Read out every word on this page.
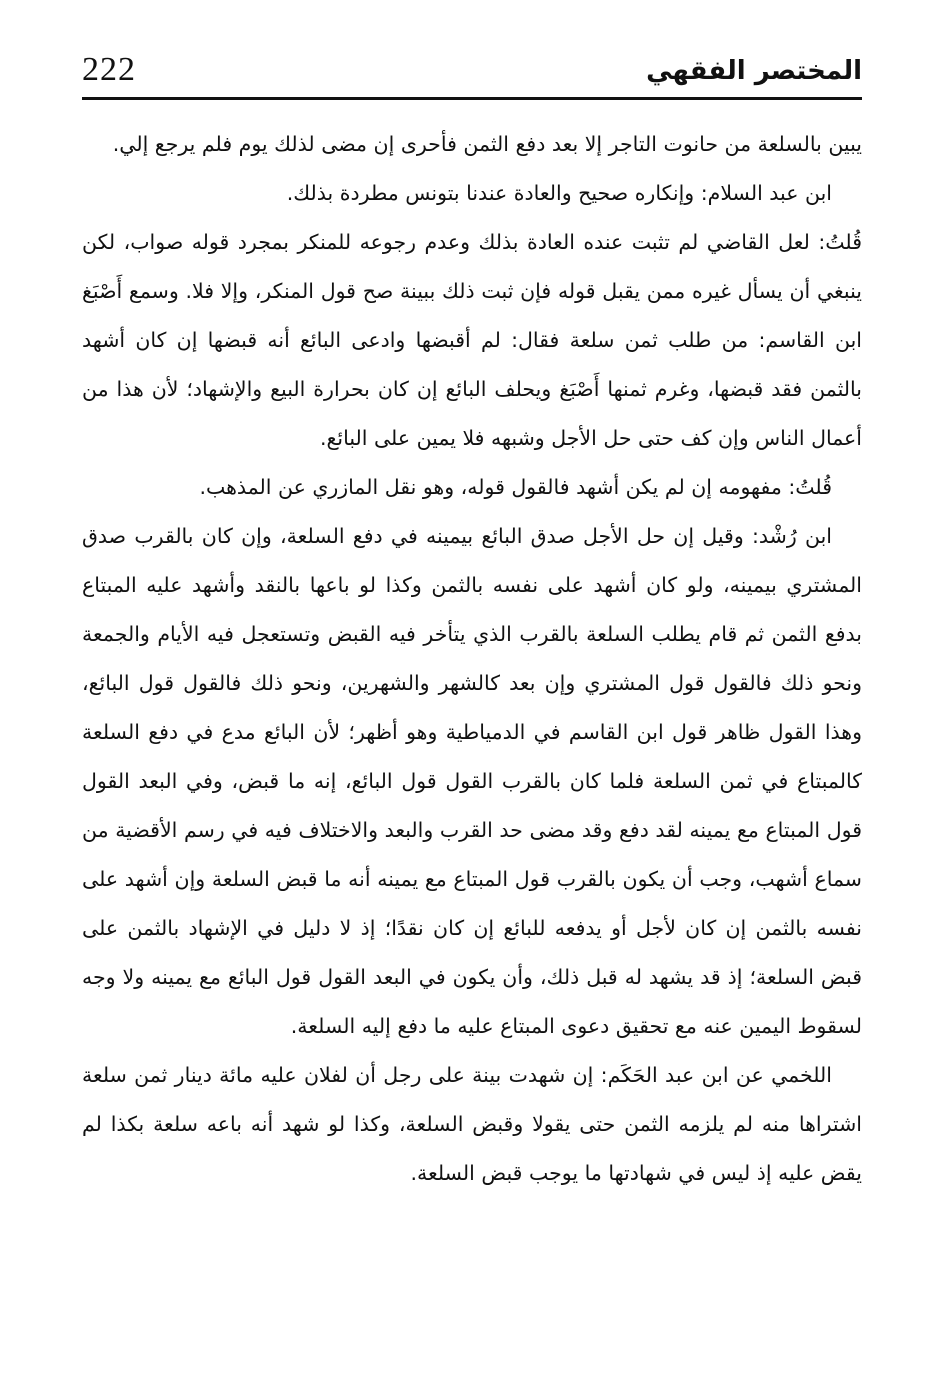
222	المختصر الفقهي

يبين بالسلعة من حانوت التاجر إلا بعد دفع الثمن فأحرى إن مضى لذلك يوم فلم يرجع إلي.

ابن عبد السلام: وإنكاره صحيح والعادة عندنا بتونس مطردة بذلك.

قُلتُ: لعل القاضي لم تثبت عنده العادة بذلك وعدم رجوعه للمنكر بمجرد قوله صواب، لكن ينبغي أن يسأل غيره ممن يقبل قوله فإن ثبت ذلك ببينة صح قول المنكر، وإلا فلا. وسمع أَصْبَغ ابن القاسم: من طلب ثمن سلعة فقال: لم أقبضها وادعى البائع أنه قبضها إن كان أشهد بالثمن فقد قبضها، وغرم ثمنها أَصْبَغ ويحلف البائع إن كان بحرارة البيع والإشهاد؛ لأن هذا من أعمال الناس وإن كف حتى حل الأجل وشبهه فلا يمين على البائع.

قُلتُ: مفهومه إن لم يكن أشهد فالقول قوله، وهو نقل المازري عن المذهب.

ابن رُشْد: وقيل إن حل الأجل صدق البائع بيمينه في دفع السلعة، وإن كان بالقرب صدق المشتري بيمينه، ولو كان أشهد على نفسه بالثمن وكذا لو باعها بالنقد وأشهد عليه المبتاع بدفع الثمن ثم قام يطلب السلعة بالقرب الذي يتأخر فيه القبض وتستعجل فيه الأيام والجمعة ونحو ذلك فالقول قول المشتري وإن بعد كالشهر والشهرين، ونحو ذلك فالقول قول البائع، وهذا القول ظاهر قول ابن القاسم في الدمياطية وهو أظهر؛ لأن البائع مدع في دفع السلعة كالمبتاع في ثمن السلعة فلما كان بالقرب القول قول البائع، إنه ما قبض، وفي البعد القول قول المبتاع مع يمينه لقد دفع وقد مضى حد القرب والبعد والاختلاف فيه في رسم الأقضية من سماع أشهب، وجب أن يكون بالقرب قول المبتاع مع يمينه أنه ما قبض السلعة وإن أشهد على نفسه بالثمن إن كان لأجل أو يدفعه للبائع إن كان نقدًا؛ إذ لا دليل في الإشهاد بالثمن على قبض السلعة؛ إذ قد يشهد له قبل ذلك، وأن يكون في البعد القول قول البائع مع يمينه ولا وجه لسقوط اليمين عنه مع تحقيق دعوى المبتاع عليه ما دفع إليه السلعة.

اللخمي عن ابن عبد الحَكَم: إن شهدت بينة على رجل أن لفلان عليه مائة دينار ثمن سلعة اشتراها منه لم يلزمه الثمن حتى يقولا وقبض السلعة، وكذا لو شهد أنه باعه سلعة بكذا لم يقض عليه إذ ليس في شهادتها ما يوجب قبض السلعة.
